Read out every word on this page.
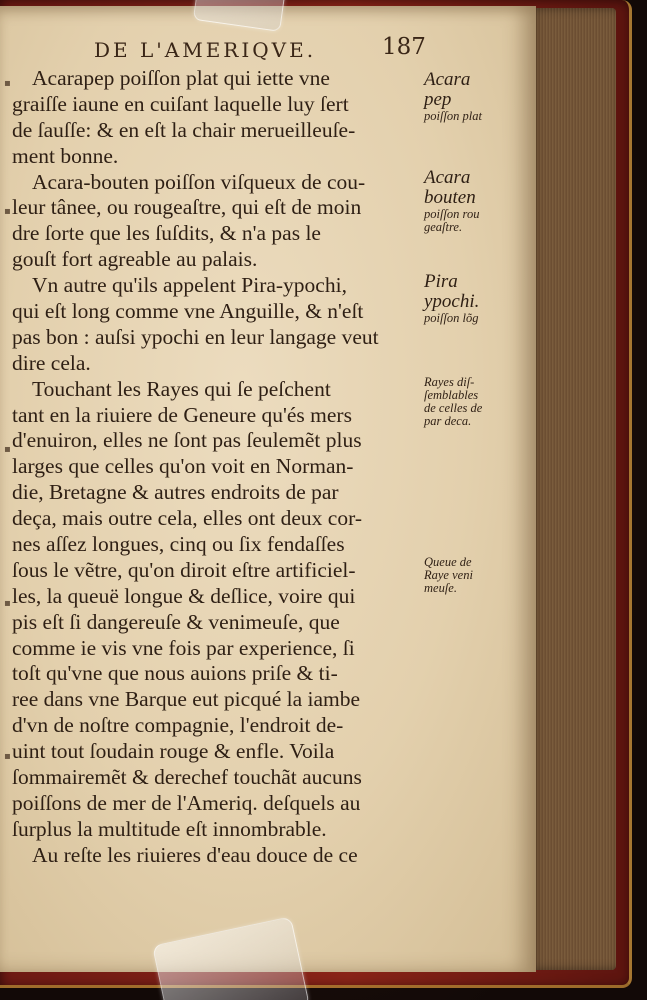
DE L'AMERIQVE.	187
▪
▪
▪
▪
▪
Acarapep poiſſon plat qui iette vne
graiſſe iaune en cuiſant laquelle luy ſert
de ſauſſe: & en eſt la chair merueilleuſe-
ment bonne.
Acara-bouten poiſſon viſqueux de cou-
leur tânee, ou rougeaſtre, qui eſt de moin
dre ſorte que les ſuſdits, & n'a pas le
gouſt fort agreable au palais.
Vn autre qu'ils appelent Pira-ypochi,
qui eſt long comme vne Anguille, & n'eſt
pas bon : auſsi ypochi en leur langage veut
dire cela.
Touchant les Rayes qui ſe peſchent
tant en la riuiere de Geneure qu'és mers
d'enuiron, elles ne ſont pas ſeulemẽt plus
larges que celles qu'on voit en Norman-
die, Bretagne & autres endroits de par
deça, mais outre cela, elles ont deux cor-
nes aſſez longues, cinq ou ſix fendaſſes
ſous le vẽtre, qu'on diroit eſtre artificiel-
les, la queuë longue & deſlice, voire qui
pis eſt ſi dangereuſe & venimeuſe, que
comme ie vis vne fois par experience, ſi
toſt qu'vne que nous auions priſe & ti-
ree dans vne Barque eut picqué la iambe
d'vn de noſtre compagnie, l'endroit de-
uint tout ſoudain rouge & enfle. Voila
ſommairemẽt & derechef touchãt aucuns
poiſſons de mer de l'Ameriq. deſquels au
ſurplus la multitude eſt innombrable.
Au reſte les riuieres d'eau douce de ce
Acara
pep
poiſſon plat
Acara
bouten
poiſſon rou
geaſtre.
Pira
ypochi.
poiſſon lõg
Rayes diſ-
ſemblables
de celles de
par deca.
Queue de
Raye veni
meuſe.
